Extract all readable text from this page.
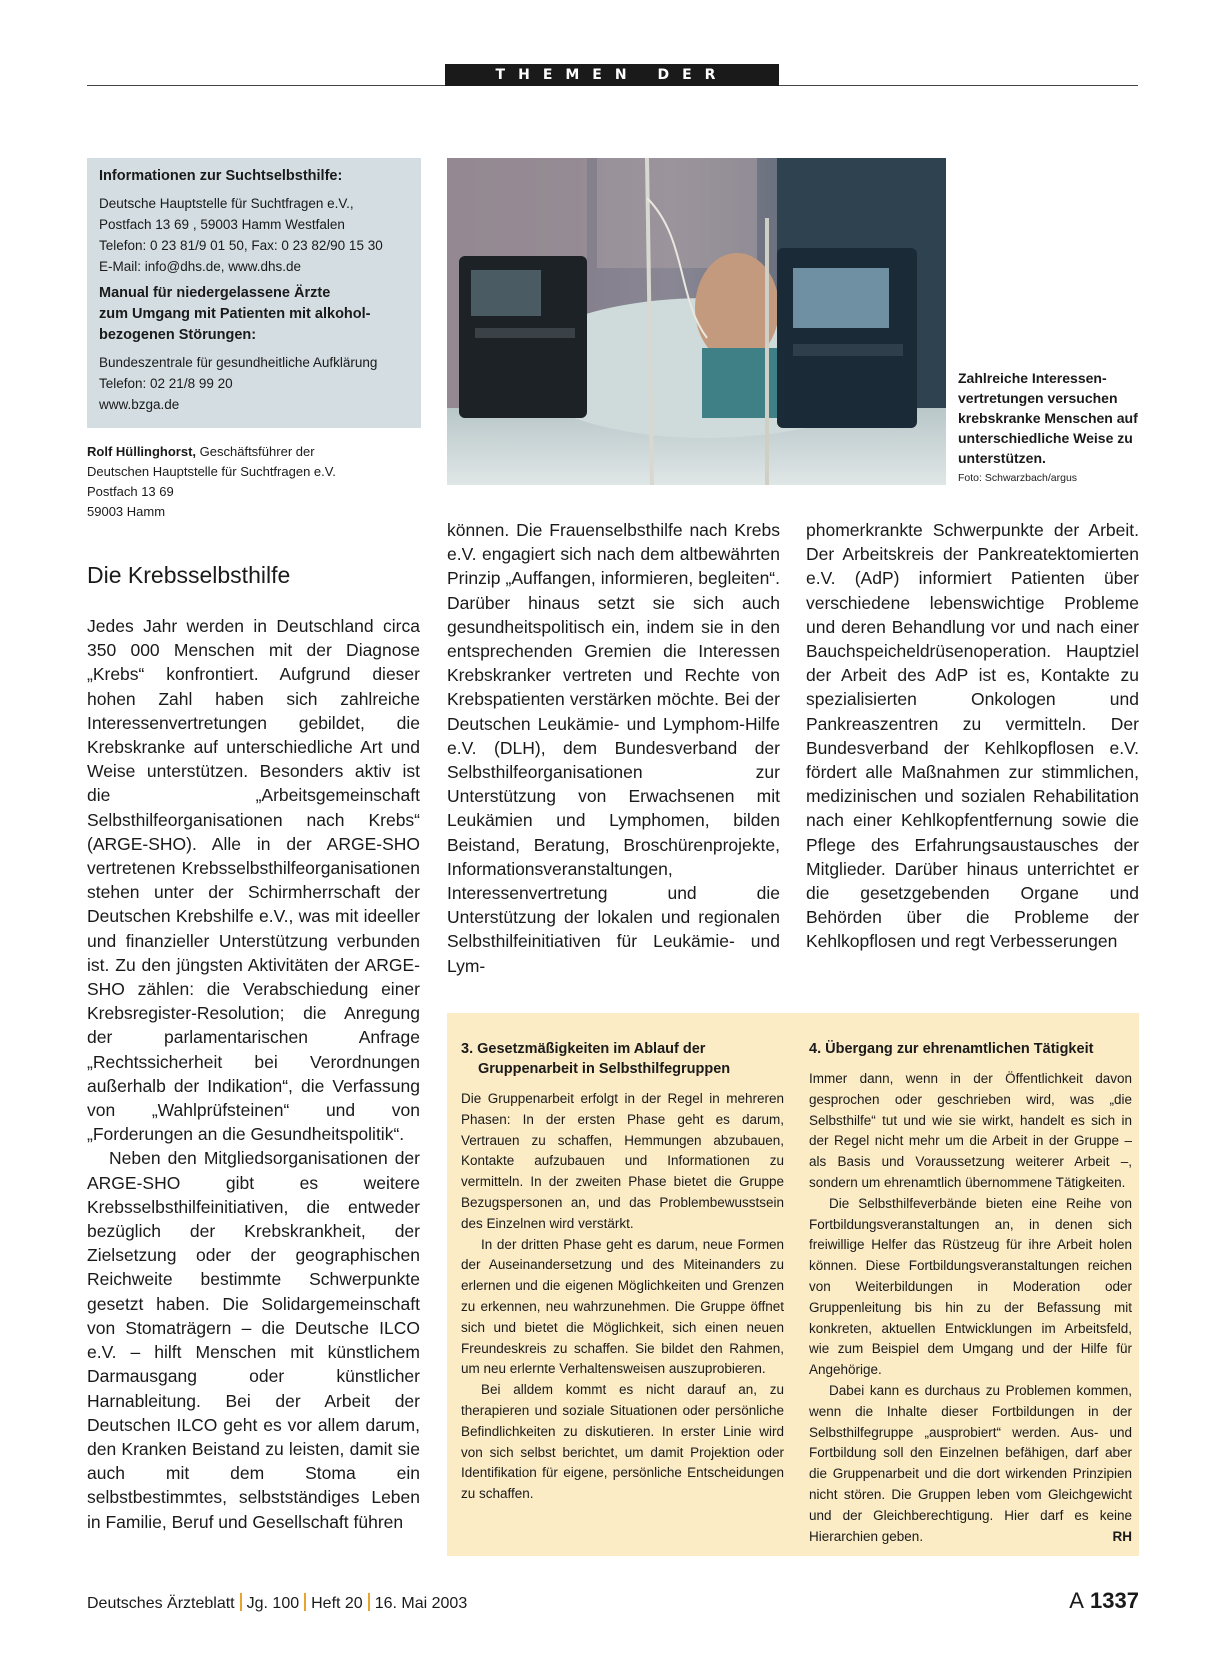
THEMEN DER ZEIT

Informationen zur Suchtselbsthilfe:

Deutsche Hauptstelle für Suchtfragen e.V.,

Postfach 13 69 , 59003 Hamm Westfalen

Telefon: 0 23 81/9 01 50, Fax: 0 23 82/90 15 30

E-Mail: info@dhs.de, www.dhs.de

Manual für niedergelassene Ärzte

zum Umgang mit Patienten mit alkohol-

bezogenen Störungen:

Bundeszentrale für gesundheitliche Aufklärung

Telefon: 02 21/8 99 20

www.bzga.de

Rolf Hüllinghorst, Geschäftsführer der
Deutschen Hauptstelle für Suchtfragen e.V.
Postfach 13 69
59003 Hamm
Zahlreiche Interessen-vertretungen versuchen krebskranke Menschen auf unterschiedliche Weise zu unterstützen.
Foto: Schwarzbach/argus
Die Krebsselbsthilfe

Jedes Jahr werden in Deutschland circa 350 000 Menschen mit der Diagnose „Krebs“ konfrontiert. Aufgrund dieser hohen Zahl haben sich zahlreiche Interessenvertretungen gebildet, die Krebskranke auf unterschiedliche Art und Weise unterstützen. Besonders aktiv ist die „Arbeitsgemeinschaft Selbsthilfeorganisationen nach Krebs“ (ARGE-SHO). Alle in der ARGE-SHO vertretenen Krebsselbsthilfeorganisationen stehen unter der Schirmherrschaft der Deutschen Krebshilfe e.V., was mit ideeller und finanzieller Unterstützung verbunden ist. Zu den jüngsten Aktivitäten der ARGE-SHO zählen: die Verabschiedung einer Krebsregister-Resolution; die Anregung der parlamentarischen Anfrage „Rechtssicherheit bei Verordnungen außerhalb der Indikation“, die Verfassung von „Wahlprüfsteinen“ und von „Forderungen an die Gesundheitspolitik“.

Neben den Mitgliedsorganisationen der ARGE-SHO gibt es weitere Krebsselbsthilfeinitiativen, die entweder bezüglich der Krebskrankheit, der Zielsetzung oder der geographischen Reichweite bestimmte Schwerpunkte gesetzt haben. Die Solidargemeinschaft von Stomaträgern – die Deutsche ILCO e.V. – hilft Menschen mit künstlichem Darmausgang oder künstlicher Harnableitung. Bei der Arbeit der Deutschen ILCO geht es vor allem darum, den Kranken Beistand zu leisten, damit sie auch mit dem Stoma ein selbstbestimmtes, selbstständiges Leben in Familie, Beruf und Gesellschaft führen

können. Die Frauenselbsthilfe nach Krebs e.V. engagiert sich nach dem altbewährten Prinzip „Auffangen, informieren, begleiten“. Darüber hinaus setzt sie sich auch gesundheitspolitisch ein, indem sie in den entsprechenden Gremien die Interessen Krebskranker vertreten und Rechte von Krebspatienten verstärken möchte. Bei der Deutschen Leukämie- und Lymphom-Hilfe e.V. (DLH), dem Bundesverband der Selbsthilfeorganisationen zur Unterstützung von Erwachsenen mit Leukämien und Lymphomen, bilden Beistand, Beratung, Broschürenprojekte, Informationsveranstaltungen, Interessenvertretung und die Unterstützung der lokalen und regionalen Selbsthilfeinitiativen für Leukämie- und Lym-

phomerkrankte Schwerpunkte der Arbeit. Der Arbeitskreis der Pankreatektomierten e.V. (AdP) informiert Patienten über verschiedene lebenswichtige Probleme und deren Behandlung vor und nach einer Bauchspeicheldrüsenoperation. Hauptziel der Arbeit des AdP ist es, Kontakte zu spezialisierten Onkologen und Pankreaszentren zu vermitteln. Der Bundesverband der Kehlkopflosen e.V. fördert alle Maßnahmen zur stimmlichen, medizinischen und sozialen Rehabilitation nach einer Kehlkopfentfernung sowie die Pflege des Erfahrungsaustausches der Mitglieder. Darüber hinaus unterrichtet er die gesetzgebenden Organe und Behörden über die Probleme der Kehlkopflosen und regt Verbesserungen

3. Gesetzmäßigkeiten im Ablauf der
Gruppenarbeit in Selbsthilfegruppen

Die Gruppenarbeit erfolgt in der Regel in mehreren Phasen: In der ersten Phase geht es darum, Vertrauen zu schaffen, Hemmungen abzubauen, Kontakte aufzubauen und Informationen zu vermitteln. In der zweiten Phase bietet die Gruppe Bezugspersonen an, und das Problembewusstsein des Einzelnen wird verstärkt.

In der dritten Phase geht es darum, neue Formen der Auseinandersetzung und des Miteinanders zu erlernen und die eigenen Möglichkeiten und Grenzen zu erkennen, neu wahrzunehmen. Die Gruppe öffnet sich und bietet die Möglichkeit, sich einen neuen Freundeskreis zu schaffen. Sie bildet den Rahmen, um neu erlernte Verhaltensweisen auszuprobieren.

Bei alldem kommt es nicht darauf an, zu therapieren und soziale Situationen oder persönliche Befindlichkeiten zu diskutieren. In erster Linie wird von sich selbst berichtet, um damit Projektion oder Identifikation für eigene, persönliche Entscheidungen zu schaffen.

4. Übergang zur ehrenamtlichen Tätigkeit

Immer dann, wenn in der Öffentlichkeit davon gesprochen oder geschrieben wird, was „die Selbsthilfe“ tut und wie sie wirkt, handelt es sich in der Regel nicht mehr um die Arbeit in der Gruppe – als Basis und Voraussetzung weiterer Arbeit –, sondern um ehrenamtlich übernommene Tätigkeiten.

Die Selbsthilfeverbände bieten eine Reihe von Fortbildungsveranstaltungen an, in denen sich freiwillige Helfer das Rüstzeug für ihre Arbeit holen können. Diese Fortbildungsveranstaltungen reichen von Weiterbildungen in Moderation oder Gruppenleitung bis hin zu der Befassung mit konkreten, aktuellen Entwicklungen im Arbeitsfeld, wie zum Beispiel dem Umgang und der Hilfe für Angehörige.

Dabei kann es durchaus zu Problemen kommen, wenn die Inhalte dieser Fortbildungen in der Selbsthilfegruppe „ausprobiert“ werden. Aus- und Fortbildung soll den Einzelnen befähigen, darf aber die Gruppenarbeit und die dort wirkenden Prinzipien nicht stören. Die Gruppen leben vom Gleichgewicht und der Gleichberechtigung. Hier darf es keine Hierarchien geben.	RH

Deutsches Ärzteblatt Jg. 100 Heft 20 16. Mai 2003	A 1337
